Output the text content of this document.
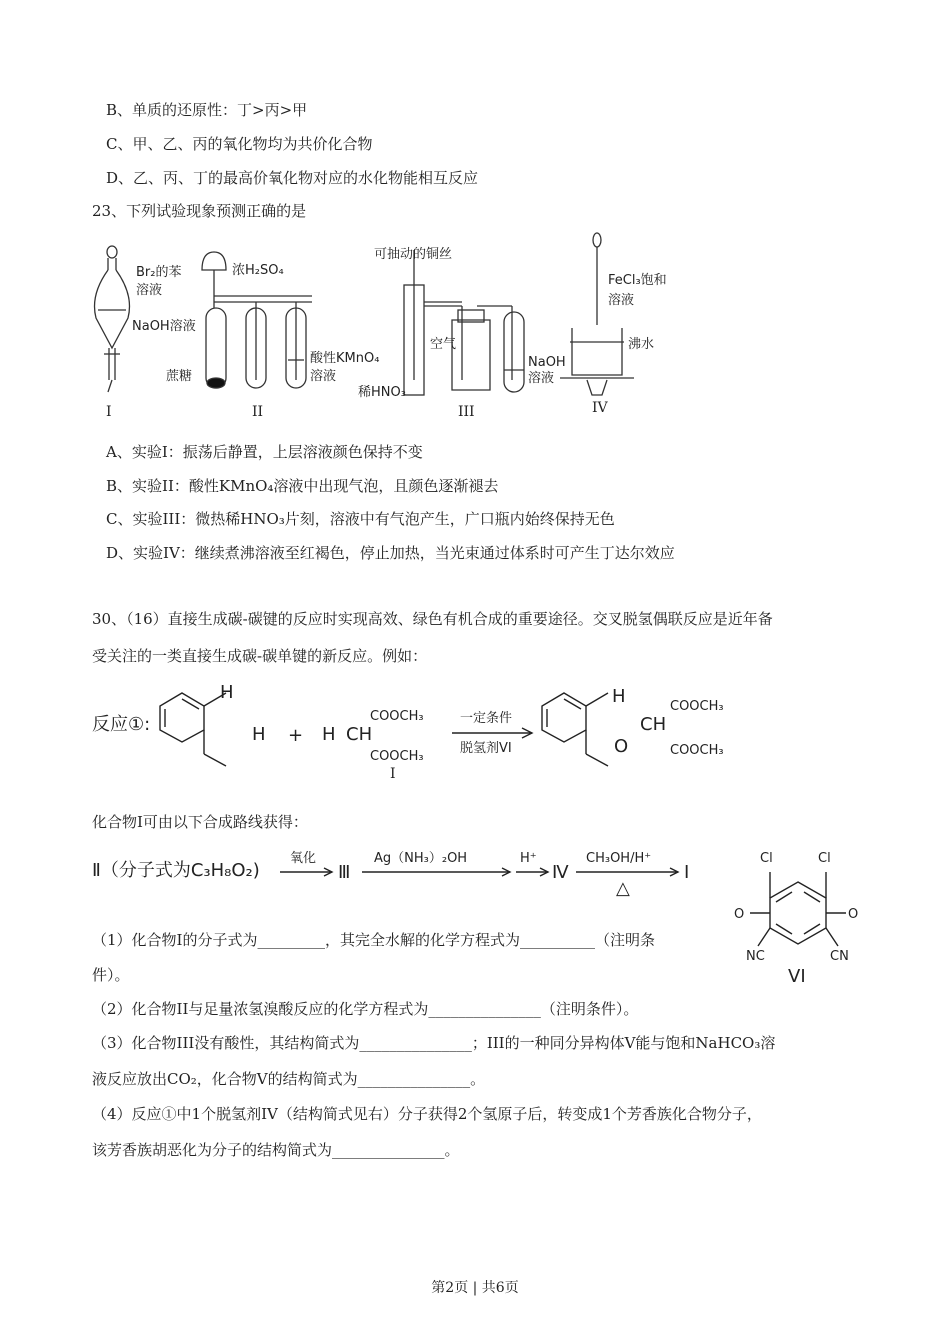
B、单质的还原性：丁>丙>甲
C、甲、乙、丙的氧化物均为共价化合物
D、乙、丙、丁的最高价氧化物对应的水化物能相互反应
23、下列试验现象预测正确的是
Br₂的苯
溶液
NaOH溶液
浓H₂SO₄
蔗糖
酸性KMnO₄
溶液
可抽动的铜丝
空气
稀HNO₃
NaOH
溶液
FeCl₃饱和
溶液
沸水
I	II	III	IV
A、实验I：振荡后静置，上层溶液颜色保持不变
B、实验II：酸性KMnO₄溶液中出现气泡，且颜色逐渐褪去
C、实验III：微热稀HNO₃片刻，溶液中有气泡产生，广口瓶内始终保持无色
D、实验IV：继续煮沸溶液至红褐色，停止加热，当光束通过体系时可产生丁达尔效应
30、（16）直接生成碳-碳键的反应时实现高效、绿色有机合成的重要途径。交叉脱氢偶联反应是近年备
受关注的一类直接生成碳-碳单键的新反应。例如：
反应①:
H
H + H CH
COOCH₃
COOCH₃
I
一定条件
脱氢剂VI
H
O
CH
COOCH₃
COOCH₃
化合物I可由以下合成路线获得：
Ⅱ（分子式为C₃H₈O₂)
氧化
Ⅲ
Ag（NH₃）₂OH	H⁺
Ⅳ
CH₃OH/H⁺
△
I
Cl	Cl
O	O
NC	CN
VI
（1）化合物I的分子式为_________，其完全水解的化学方程式为__________（注明条
件）。
（2）化合物II与足量浓氢溴酸反应的化学方程式为_______________（注明条件）。
（3）化合物III没有酸性，其结构简式为_______________；III的一种同分异构体V能与饱和NaHCO₃溶
液反应放出CO₂，化合物V的结构简式为_______________。
（4）反应①中1个脱氢剂IV（结构简式见右）分子获得2个氢原子后，转变成1个芳香族化合物分子，
该芳香族胡恶化为分子的结构简式为_______________。
第2页 | 共6页
